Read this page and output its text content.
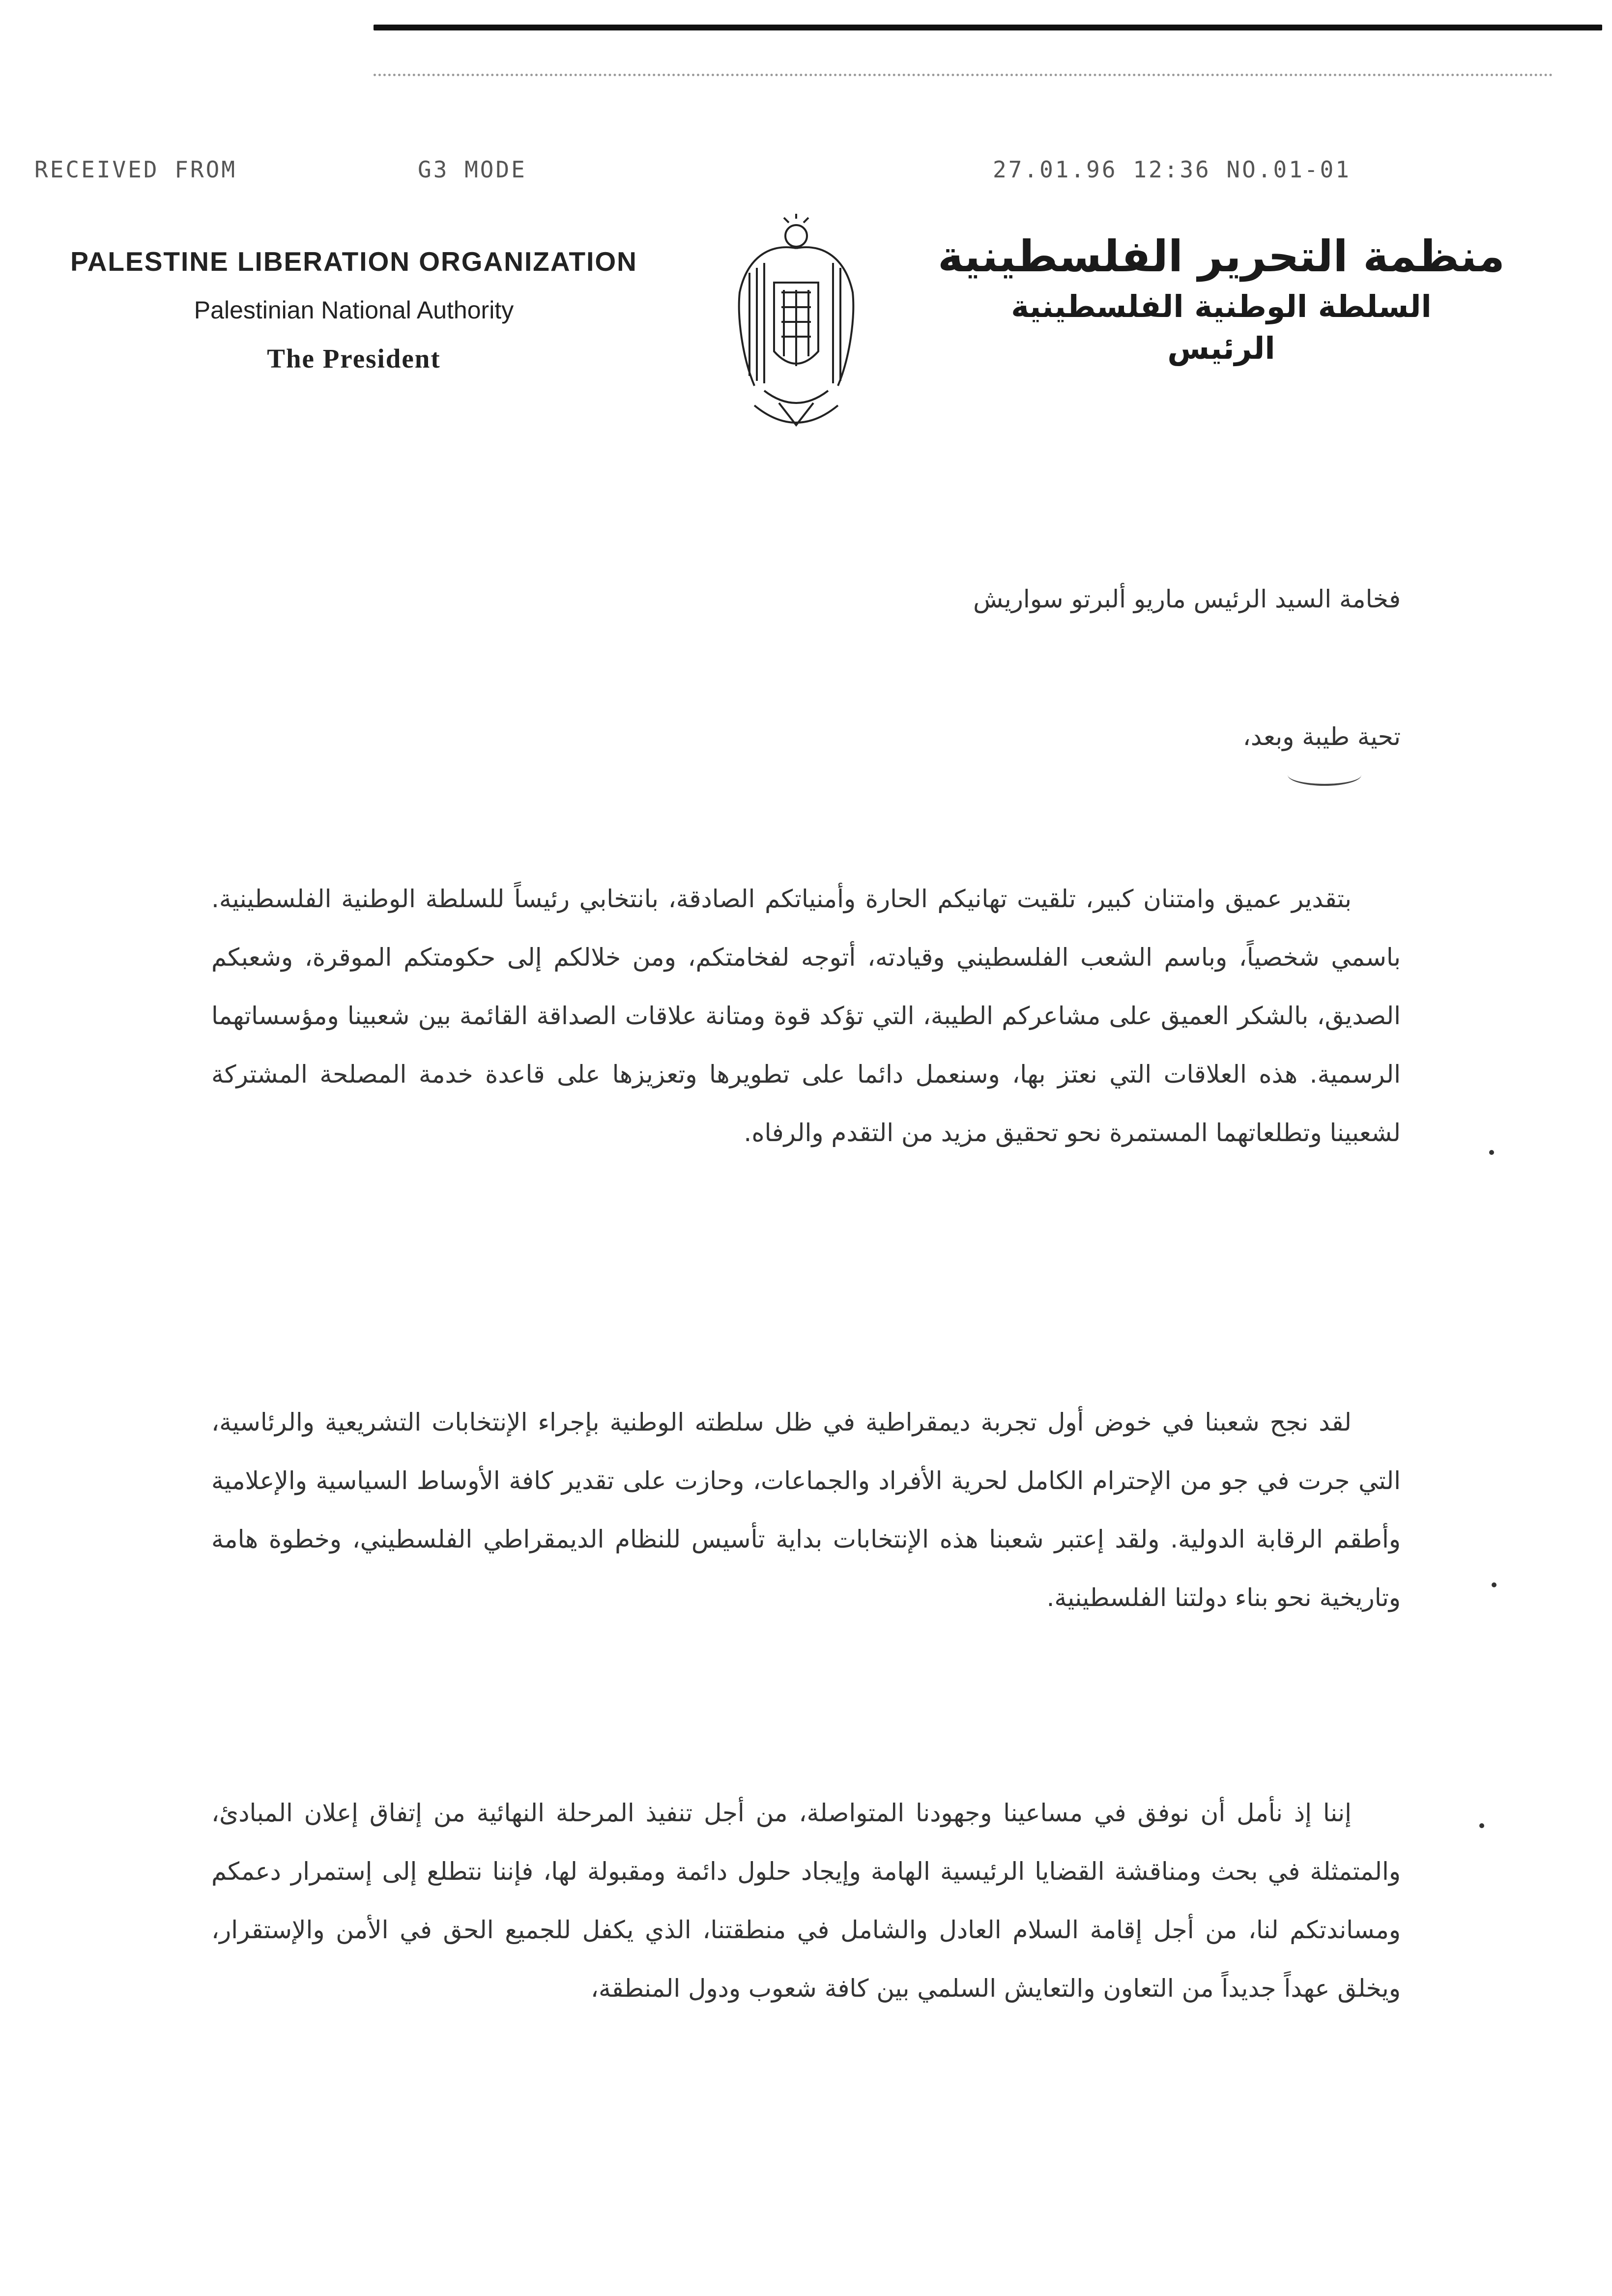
RECEIVED FROM	G3 MODE	27.01.96 12:36 NO.01-01
PALESTINE LIBERATION ORGANIZATION
Palestinian National Authority
The President
منظمة التحرير الفلسطينية
السلطة الوطنية الفلسطينية
الرئيس
فخامة السيد الرئيس ماريو ألبرتو سواريش
تحية طيبة وبعد،

بتقدير عميق وامتنان كبير، تلقيت تهانيكم الحارة وأمنياتكم الصادقة، بانتخابي رئيساً للسلطة الوطنية الفلسطينية. باسمي شخصياً، وباسم الشعب الفلسطيني وقيادته، أتوجه لفخامتكم، ومن خلالكم إلى حكومتكم الموقرة، وشعبكم الصديق، بالشكر العميق على مشاعركم الطيبة، التي تؤكد قوة ومتانة علاقات الصداقة القائمة بين شعبينا ومؤسساتهما الرسمية. هذه العلاقات التي نعتز بها، وسنعمل دائما على تطويرها وتعزيزها على قاعدة خدمة المصلحة المشتركة لشعبينا وتطلعاتهما المستمرة نحو تحقيق مزيد من التقدم والرفاه.

لقد نجح شعبنا في خوض أول تجربة ديمقراطية في ظل سلطته الوطنية بإجراء الإنتخابات التشريعية والرئاسية، التي جرت في جو من الإحترام الكامل لحرية الأفراد والجماعات، وحازت على تقدير كافة الأوساط السياسية والإعلامية وأطقم الرقابة الدولية. ولقد إعتبر شعبنا هذه الإنتخابات بداية تأسيس للنظام الديمقراطي الفلسطيني، وخطوة هامة وتاريخية نحو بناء دولتنا الفلسطينية.

إننا إذ نأمل أن نوفق في مساعينا وجهودنا المتواصلة، من أجل تنفيذ المرحلة النهائية من إتفاق إعلان المبادئ، والمتمثلة في بحث ومناقشة القضايا الرئيسية الهامة وإيجاد حلول دائمة ومقبولة لها، فإننا نتطلع إلى إستمرار دعمكم ومساندتكم لنا، من أجل إقامة السلام العادل والشامل في منطقتنا، الذي يكفل للجميع الحق في الأمن والإستقرار، ويخلق عهداً جديداً من التعاون والتعايش السلمي بين كافة شعوب ودول المنطقة،
